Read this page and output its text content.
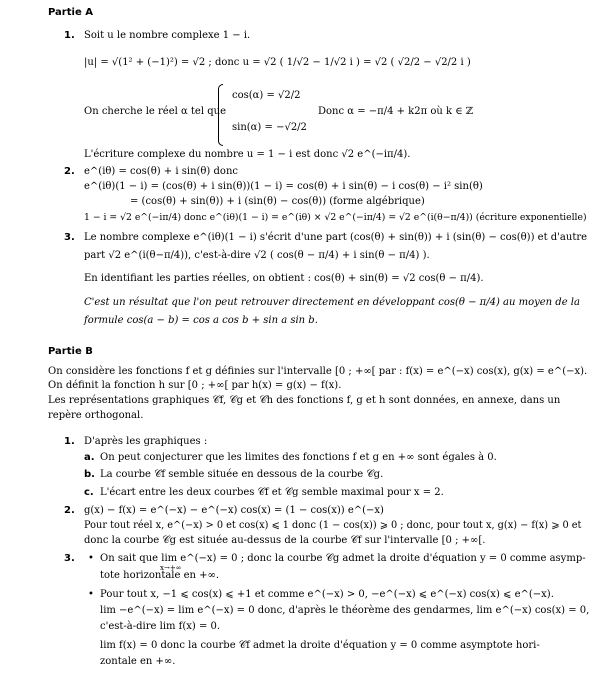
Partie A
1. Soit u le nombre complexe 1 − i.
|u| = √(1² + (−1)²) = √2 ; donc u = √2 ( 1/√2 − 1/√2 i ) = √2 ( √2/2 − √2/2 i )
On cherche le réel α tel que
cos(α) = √2/2
sin(α) = −√2/2
Donc α = −π/4 + k2π où k ∈ ℤ
L'écriture complexe du nombre u = 1 − i est donc √2 e^(−iπ/4).
2. e^(iθ) = cos(θ) + i sin(θ) donc
e^(iθ)(1 − i) = (cos(θ) + i sin(θ))(1 − i) = cos(θ) + i sin(θ) − i cos(θ) − i² sin(θ)
= (cos(θ) + sin(θ)) + i (sin(θ) − cos(θ)) (forme algébrique)
1 − i = √2 e^(−iπ/4) donc e^(iθ)(1 − i) = e^(iθ) × √2 e^(−iπ/4) = √2 e^(i(θ−π/4)) (écriture exponentielle)
3. Le nombre complexe e^(iθ)(1 − i) s'écrit d'une part (cos(θ) + sin(θ)) + i (sin(θ) − cos(θ)) et d'autre
part √2 e^(i(θ−π/4)), c'est-à-dire √2 ( cos(θ − π/4) + i sin(θ − π/4) ).
En identifiant les parties réelles, on obtient : cos(θ) + sin(θ) = √2 cos(θ − π/4).
C'est un résultat que l'on peut retrouver directement en développant cos(θ − π/4) au moyen de la
formule cos(a − b) = cos a cos b + sin a sin b.
Partie B
On considère les fonctions f et g définies sur l'intervalle [0 ; +∞[ par : f(x) = e^(−x) cos(x), g(x) = e^(−x).
On définit la fonction h sur [0 ; +∞[ par h(x) = g(x) − f(x).
Les représentations graphiques 𝒞f, 𝒞g et 𝒞h des fonctions f, g et h sont données, en annexe, dans un
repère orthogonal.
1. D'après les graphiques :
a. On peut conjecturer que les limites des fonctions f et g en +∞ sont égales à 0.
b. La courbe 𝒞f semble située en dessous de la courbe 𝒞g.
c. L'écart entre les deux courbes 𝒞f et 𝒞g semble maximal pour x = 2.
2. g(x) − f(x) = e^(−x) − e^(−x) cos(x) = (1 − cos(x)) e^(−x)
Pour tout réel x, e^(−x) > 0 et cos(x) ⩽ 1 donc (1 − cos(x)) ⩾ 0 ; donc, pour tout x, g(x) − f(x) ⩾ 0 et
donc la courbe 𝒞g est située au-dessus de la courbe 𝒞f sur l'intervalle [0 ; +∞[.
3. • On sait que lim e^(−x) = 0 ; donc la courbe 𝒞g admet la droite d'équation y = 0 comme asymp-
x→+∞
tote horizontale en +∞.
• Pour tout x, −1 ⩽ cos(x) ⩽ +1 et comme e^(−x) > 0, −e^(−x) ⩽ e^(−x) cos(x) ⩽ e^(−x).
lim −e^(−x) = lim e^(−x) = 0 donc, d'après le théorème des gendarmes, lim e^(−x) cos(x) = 0,
c'est-à-dire lim f(x) = 0.
lim f(x) = 0 donc la courbe 𝒞f admet la droite d'équation y = 0 comme asymptote hori-
zontale en +∞.
